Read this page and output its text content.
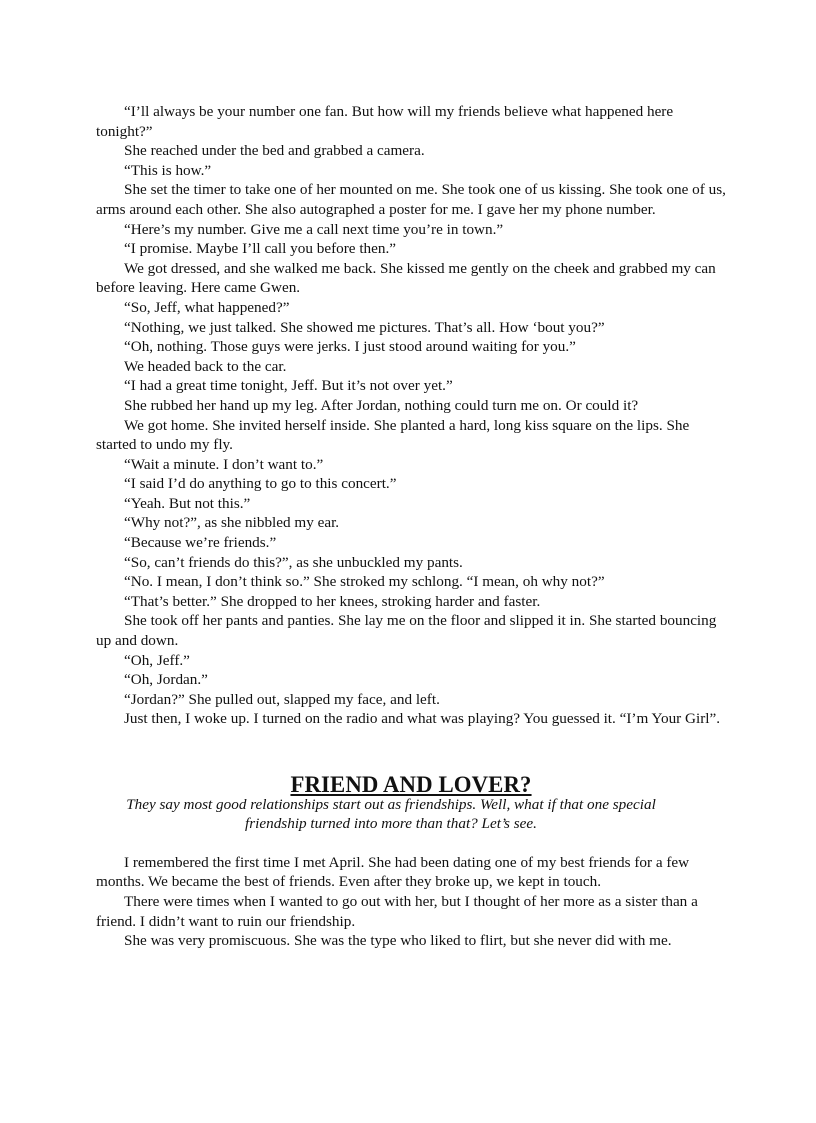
“I’ll always be your number one fan. But how will my friends believe what happened here tonight?”

She reached under the bed and grabbed a camera.

“This is how.”

She set the timer to take one of her mounted on me. She took one of us kissing. She took one of us, arms around each other. She also autographed a poster for me. I gave her my phone number.

“Here’s my number. Give me a call next time you’re in town.”

“I promise. Maybe I’ll call you before then.”

We got dressed, and she walked me back. She kissed me gently on the cheek and grabbed my can before leaving. Here came Gwen.

“So, Jeff, what happened?”

“Nothing, we just talked. She showed me pictures. That’s all. How ‘bout you?”

“Oh, nothing. Those guys were jerks. I just stood around waiting for you.”

We headed back to the car.

“I had a great time tonight, Jeff. But it’s not over yet.”

She rubbed her hand up my leg. After Jordan, nothing could turn me on. Or could it?

We got home. She invited herself inside. She planted a hard, long kiss square on the lips. She started to undo my fly.

“Wait a minute. I don’t want to.”

“I said I’d do anything to go to this concert.”

“Yeah. But not this.”

“Why not?”, as she nibbled my ear.

“Because we’re friends.”

“So, can’t friends do this?”, as she unbuckled my pants.

“No. I mean, I don’t think so.” She stroked my schlong. “I mean, oh why not?”

“That’s better.” She dropped to her knees, stroking harder and faster.

She took off her pants and panties. She lay me on the floor and slipped it in. She started bouncing up and down.

“Oh, Jeff.”

“Oh, Jordan.”

“Jordan?” She pulled out, slapped my face, and left.

Just then, I woke up. I turned on the radio and what was playing? You guessed it. “I’m Your Girl”.

FRIEND AND LOVER?

They say most good relationships start out as friendships. Well, what if that one special

friendship turned into more than that? Let’s see.

I remembered the first time I met April. She had been dating one of my best friends for a few months. We became the best of friends. Even after they broke up, we kept in touch.

There were times when I wanted to go out with her, but I thought of her more as a sister than a friend. I didn’t want to ruin our friendship.

She was very promiscuous. She was the type who liked to flirt, but she never did with me.
